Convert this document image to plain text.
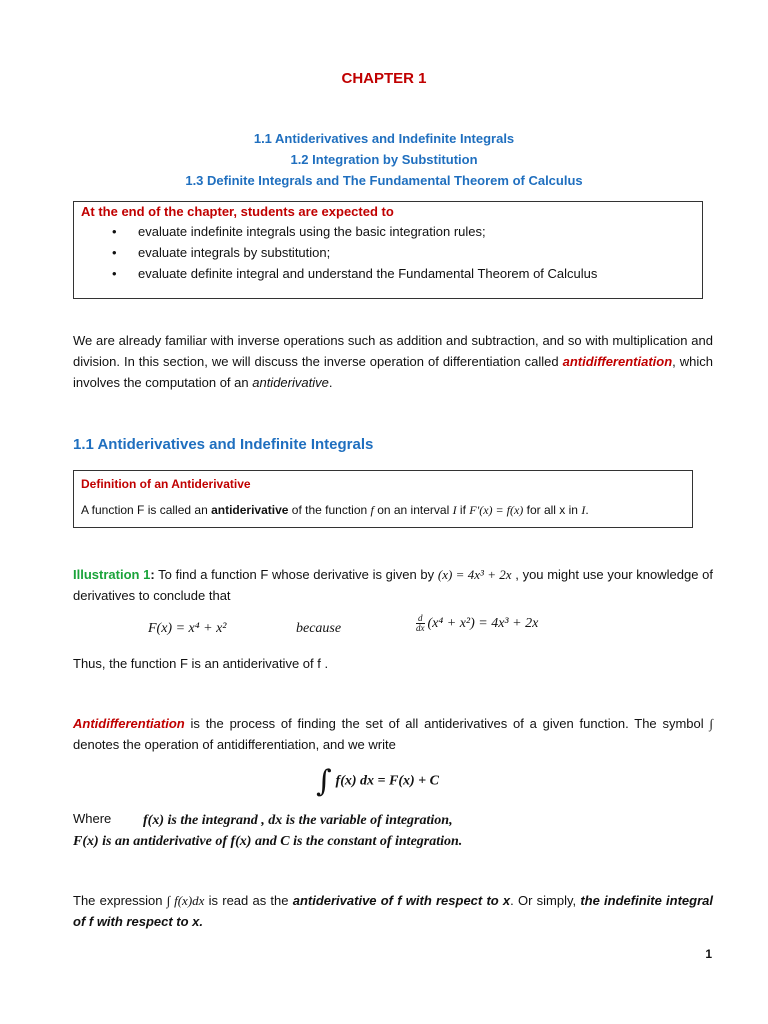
CHAPTER 1
1.1 Antiderivatives and Indefinite Integrals
1.2 Integration by Substitution
1.3 Definite Integrals and The Fundamental Theorem of Calculus
At the end of the chapter, students are expected to
• evaluate indefinite integrals using the basic integration rules;
• evaluate integrals by substitution;
• evaluate definite integral and understand the Fundamental Theorem of Calculus
We are already familiar with inverse operations such as addition and subtraction, and so with multiplication and division. In this section, we will discuss the inverse operation of differentiation called antidifferentiation, which involves the computation of an antiderivative.
1.1 Antiderivatives and Indefinite Integrals
Definition of an Antiderivative
A function F is called an antiderivative of the function f on an interval I if F′(x) = f(x) for all x in I.
Illustration 1: To find a function F whose derivative is given by (x) = 4x³ + 2x , you might use your knowledge of derivatives to conclude that
F(x) = x⁴ + x²	because	$\frac{d}{dx} (x^4 + x^2) = 4x^3 + 2x$
Thus, the function F is an antiderivative of f .
Antidifferentiation is the process of finding the set of all antiderivatives of a given function. The symbol ∫ denotes the operation of antidifferentiation, and we write
∫ f(x) dx = F(x) + C
Where f(x) is the integrand , dx is the variable of integration,
F(x) is an antiderivative of f(x) and C is the constant of integration.
The expression ∫ f(x)dx is read as the antiderivative of f with respect to x. Or simply, the indefinite integral of f with respect to x.
1
